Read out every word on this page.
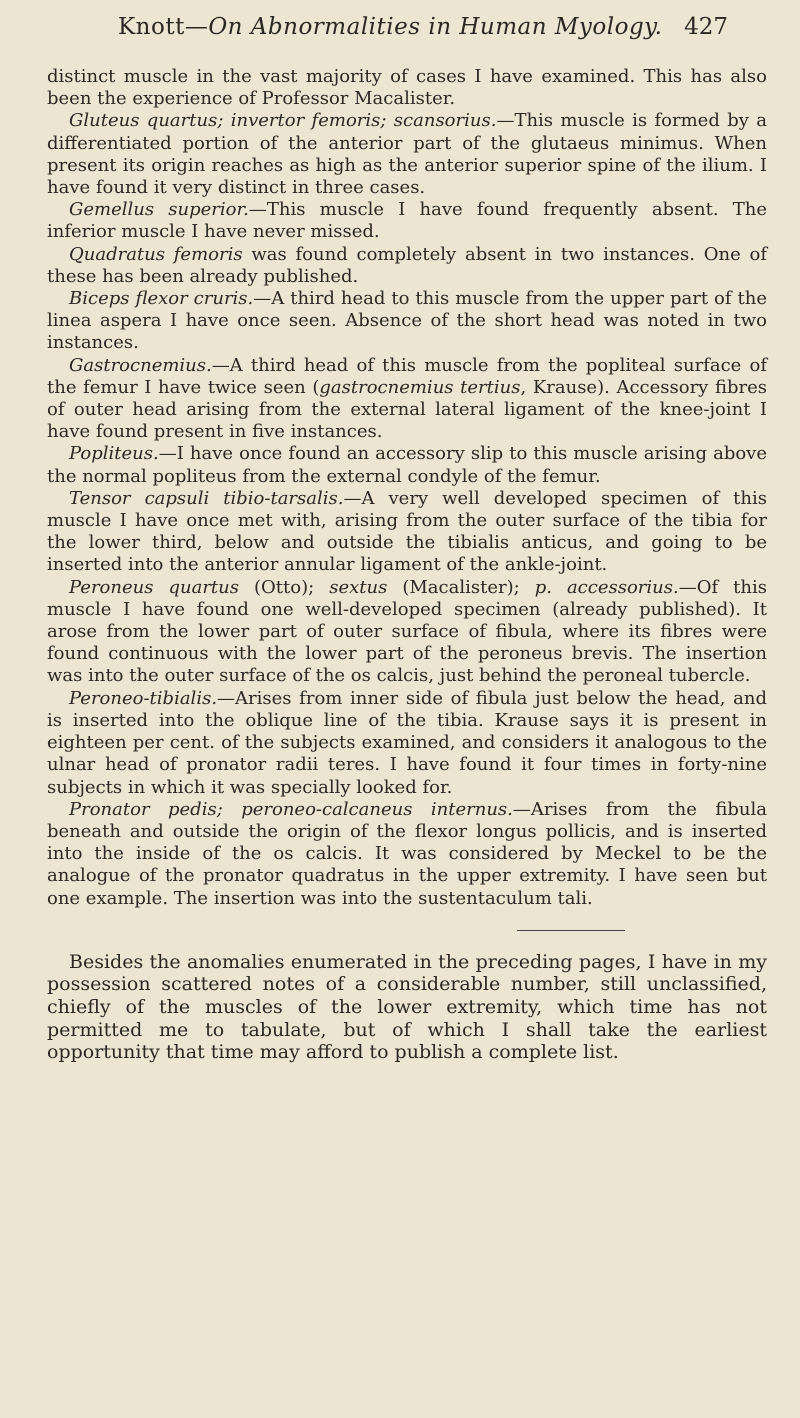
Knott—On Abnormalities in Human Myology. 427

distinct muscle in the vast majority of cases I have examined. This has also been the experience of Professor Macalister.

Gluteus quartus; invertor femoris; scansorius.—This muscle is formed by a differentiated portion of the anterior part of the glutaeus minimus. When present its origin reaches as high as the anterior superior spine of the ilium. I have found it very distinct in three cases.

Gemellus superior.—This muscle I have found frequently absent. The inferior muscle I have never missed.

Quadratus femoris was found completely absent in two instances. One of these has been already published.

Biceps flexor cruris.—A third head to this muscle from the upper part of the linea aspera I have once seen. Absence of the short head was noted in two instances.

Gastrocnemius.—A third head of this muscle from the popliteal surface of the femur I have twice seen (gastrocnemius tertius, Krause). Accessory fibres of outer head arising from the external lateral ligament of the knee-joint I have found present in five instances.

Popliteus.—I have once found an accessory slip to this muscle arising above the normal popliteus from the external condyle of the femur.

Tensor capsuli tibio-tarsalis.—A very well developed specimen of this muscle I have once met with, arising from the outer surface of the tibia for the lower third, below and outside the tibialis anticus, and going to be inserted into the anterior annular ligament of the ankle-joint.

Peroneus quartus (Otto); sextus (Macalister); p. accessorius.—Of this muscle I have found one well-developed specimen (already published). It arose from the lower part of outer surface of fibula, where its fibres were found continuous with the lower part of the peroneus brevis. The insertion was into the outer surface of the os calcis, just behind the peroneal tubercle.

Peroneo-tibialis.—Arises from inner side of fibula just below the head, and is inserted into the oblique line of the tibia. Krause says it is present in eighteen per cent. of the subjects examined, and considers it analogous to the ulnar head of pronator radii teres. I have found it four times in forty-nine subjects in which it was specially looked for.

Pronator pedis; peroneo-calcaneus internus.—Arises from the fibula beneath and outside the origin of the flexor longus pollicis, and is inserted into the inside of the os calcis. It was considered by Meckel to be the analogue of the pronator quadratus in the upper extremity. I have seen but one example. The insertion was into the sustentaculum tali.

Besides the anomalies enumerated in the preceding pages, I have in my possession scattered notes of a considerable number, still unclassified, chiefly of the muscles of the lower extremity, which time has not permitted me to tabulate, but of which I shall take the earliest opportunity that time may afford to publish a complete list.
